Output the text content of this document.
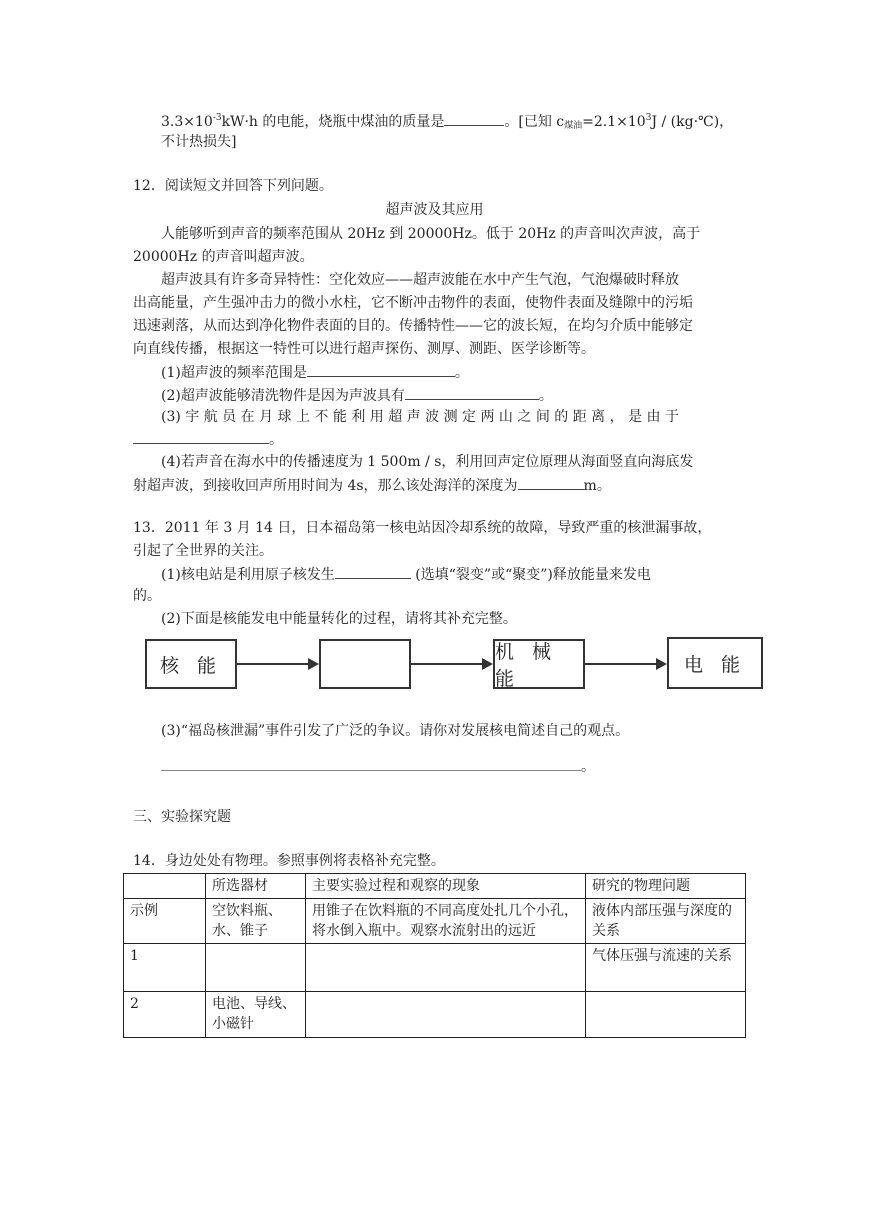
$3.3\times 10^{-3}kW\cdot h$ 的电能，烧瓶中煤油的质量是	。[已知 $c_{煤油}=2.1\times 10^3J$ / (kg·℃)，
不计热损失]
12．阅读短文并回答下列问题。
超声波及其应用
人能够听到声音的频率范围从 20Hz 到 20000Hz。低于 20Hz 的声音叫次声波，高于
20000Hz 的声音叫超声波。
超声波具有许多奇异特性：空化效应——超声波能在水中产生气泡，气泡爆破时释放
出高能量，产生强冲击力的微小水柱，它不断冲击物件的表面，使物件表面及缝隙中的污垢
迅速剥落，从而达到净化物件表面的目的。传播特性——它的波长短，在均匀介质中能够定
向直线传播，根据这一特性可以进行超声探伤、测厚、测距、医学诊断等。
(1)超声波的频率范围是	。
(2)超声波能够清洗物件是因为声波具有	。
(3) 宇 航 员 在 月 球 上 不 能 利 用 超 声 波 测 定 两 山 之 间 的 距 离 ， 是 由 于
。
(4)若声音在海水中的传播速度为 1 500m / s，利用回声定位原理从海面竖直向海底发
射超声波，到接收回声所用时间为 4s，那么该处海洋的深度为	m。
13．2011 年 3 月 14 日，日本福岛第一核电站因冷却系统的故障，导致严重的核泄漏事故，
引起了全世界的关注。
(1)核电站是利用原子核发生	(选填“裂变”或“聚变”)释放能量来发电
的。
(2)下面是核能发电中能量转化的过程，请将其补充完整。
核 能
机 械 能
电 能
(3)“福岛核泄漏”事件引发了广泛的争议。请你对发展核电简述自己的观点。
。
三、实验探究题
14．身边处处有物理。参照事例将表格补充完整。
	所选器材	主要实验过程和观察的现象	研究的物理问题
示例	空饮料瓶、水、锥子	用锥子在饮料瓶的不同高度处扎几个小孔，将水倒入瓶中。观察水流射出的远近	液体内部压强与深度的关系
1			气体压强与流速的关系
2	电池、导线、小磁针		
